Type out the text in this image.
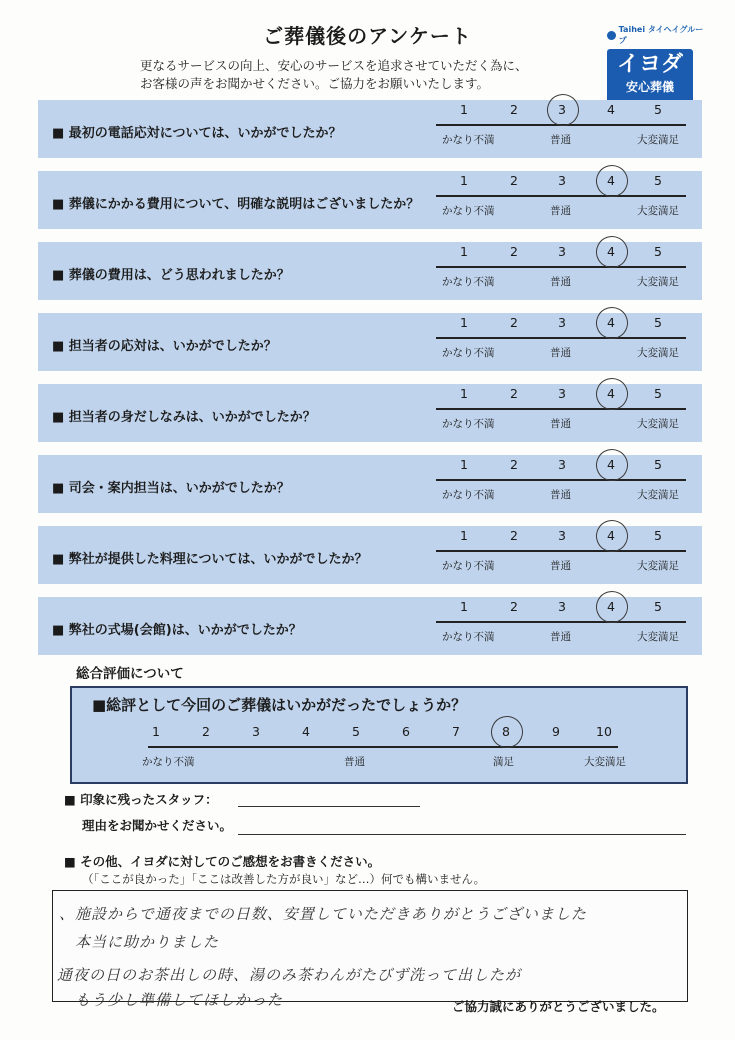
ご葬儀後のアンケート
更なるサービスの向上、安心のサービスを追求させていただく為に、
お客様の声をお聞かせください。ご協力をお願いいたします。
Taihei タイヘイグループ
イヨダ
安心葬儀
■ 最初の電話応対については、いかがでしたか？
1	2	3	4	5
かなり不満	普通	大変満足
■ 葬儀にかかる費用について、明確な説明はございましたか？
1	2	3	4	5
かなり不満	普通	大変満足
■ 葬儀の費用は、どう思われましたか？
1	2	3	4	5
かなり不満	普通	大変満足
■ 担当者の応対は、いかがでしたか？
1	2	3	4	5
かなり不満	普通	大変満足
■ 担当者の身だしなみは、いかがでしたか？
1	2	3	4	5
かなり不満	普通	大変満足
■ 司会・案内担当は、いかがでしたか？
1	2	3	4	5
かなり不満	普通	大変満足
■ 弊社が提供した料理については、いかがでしたか？
1	2	3	4	5
かなり不満	普通	大変満足
■ 弊社の式場(会館)は、いかがでしたか？
1	2	3	4	5
かなり不満	普通	大変満足
総合評価について
■総評として今回のご葬儀はいかがだったでしょうか？
かなり不満	普通	満足	大変満足
1	2	3	4	5	6	7	8	9	10
■ 印象に残ったスタッフ：
理由をお聞かせください。
■ その他、イヨダに対してのご感想をお書きください。
（「ここが良かった」「ここは改善した方が良い」など…）何でも構いません。
、施設からで通夜までの日数、安置していただきありがとうございました
本当に助かりました
通夜の日のお茶出しの時、湯のみ茶わんがたびず洗って出したが
もう少し準備してほしかった	ご協力誠にありがとうございました。
